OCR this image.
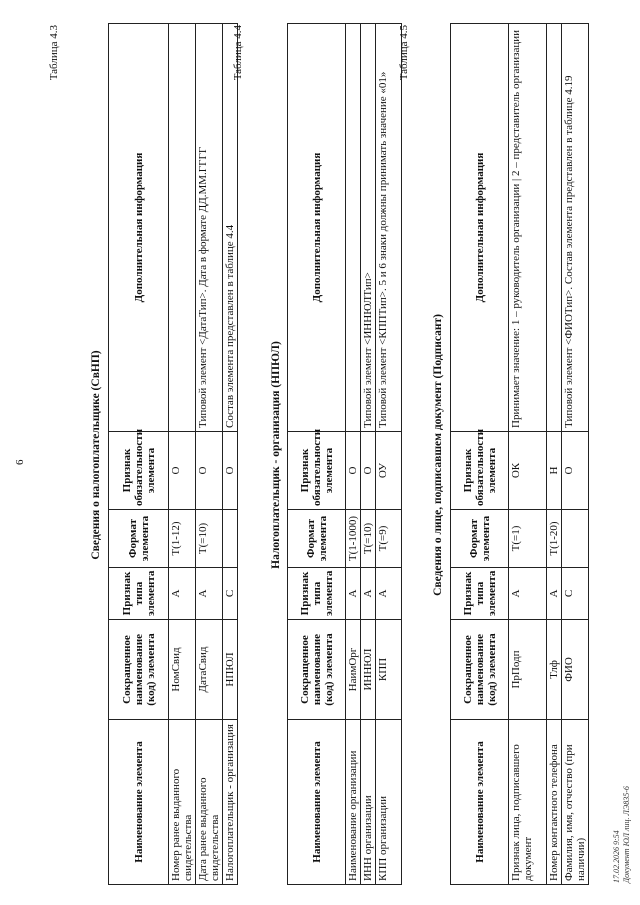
6
Таблица 4.3
Сведения о налогоплательщике (СвНП)
Наименование элемента	Сокращенное наименование (код) элемента	Признак типа элемента	Формат элемента	Признак обязательности элемента	Дополнительная информация
Номер ранее выданного свидетельства	НомСвид	А	Т(1-12)	О	
Дата ранее выданного свидетельства	ДатаСвид	А	Т(=10)	О	Типовой элемент <ДатаТип>. Дата в формате ДД.ММ.ГГГГ
Налогоплательщик - организация	НПЮЛ	С		О	Состав элемента представлен в таблице 4.4
Таблица 4.4
Налогоплательщик - организация (НПЮЛ)
Наименование элемента	Сокращенное наименование (код) элемента	Признак типа элемента	Формат элемента	Признак обязательности элемента	Дополнительная информация
Наименование организации	НаимОрг	А	Т(1-1000)	О	
ИНН организации	ИННЮЛ	А	Т(=10)	О	Типовой элемент <ИННЮЛТип>
КПП организации	КПП	А	Т(=9)	ОУ	Типовой элемент <КППТип>. 5 и 6 знаки должны принимать значение «01»
Таблица 4.5
Сведения о лице, подписавшем документ (Подписант)
Наименование элемента	Сокращенное наименование (код) элемента	Признак типа элемента	Формат элемента	Признак обязательности элемента	Дополнительная информация
Признак лица, подписавшего документ	ПрПодп	А	Т(=1)	ОК	Принимает значение: 1 – руководитель организации | 2 – представитель организации
Номер контактного телефона	Тлф	А	Т(1-20)	Н	
Фамилия, имя, отчество (при наличии)	ФИО	С		О	Типовой элемент <ФИОТип>. Состав элемента представлен в таблице 4.19
17.02.2026 9:54 Документ ЮЛ лиц. ЛЭ835-6
